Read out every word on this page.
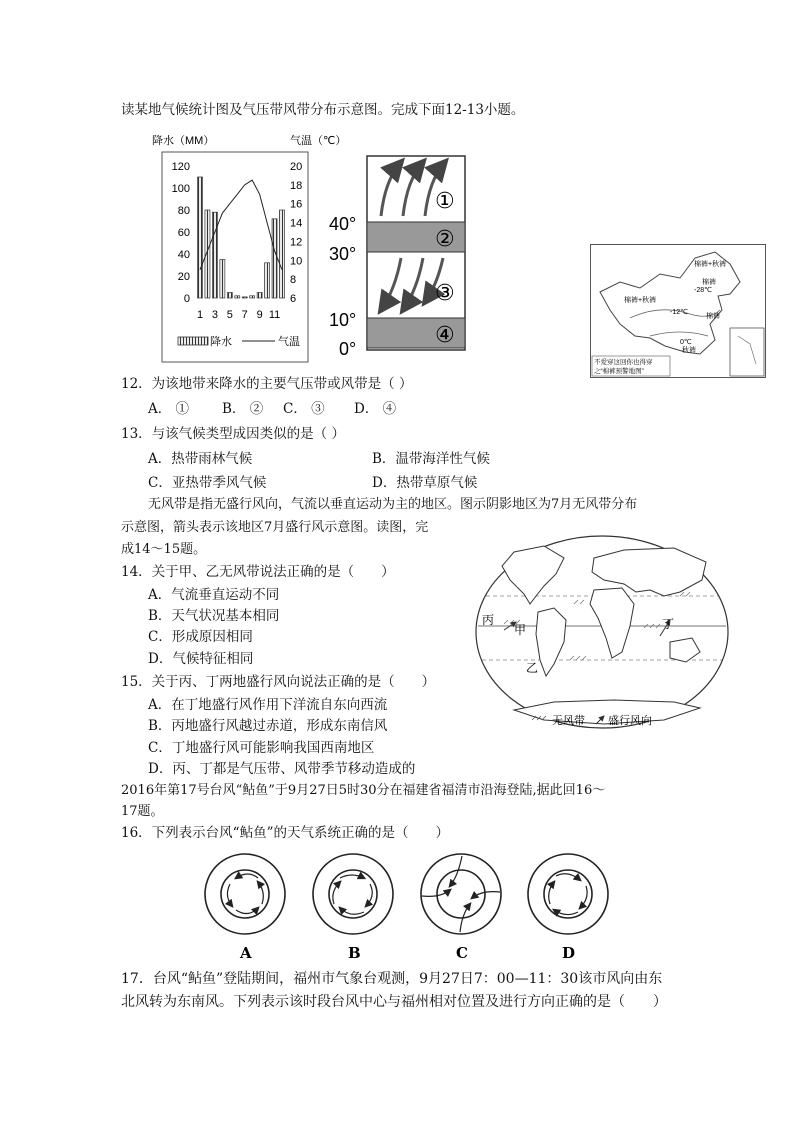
读某地气候统计图及气压带风带分布示意图。完成下面12-13小题。
降水（MM）	气温（℃）
120
100
80
60
40
20
0
20
18
16
14
12
10
8
6
1 3 5 7 9 11
降水	气温
40°
30°
10°
0°
①
②
③
④
棉裤+秋裤
棉裤
-28℃
棉裤+秋裤
-12℃
棉裤
0℃
秋裤
不爱穿这回你也得穿
之“棉裤预警地图”
12．为该地带来降水的主要气压带或风带是（ ）
A． ① B． ② C． ③ D． ④
13．与该气候类型成因类似的是（ ）
A．热带雨林气候	B．温带海洋性气候
C．亚热带季风气候	D．热带草原气候
无风带是指无盛行风向，气流以垂直运动为主的地区。图示阴影地区为7月无风带分布
示意图，箭头表示该地区7月盛行风示意图。读图，完
成14～15题。
丙
甲	丁
乙
无风带 盛行风向
14．关于甲、乙无风带说法正确的是（　　）
A．气流垂直运动不同
B．天气状况基本相同
C．形成原因相同
D．气候特征相同
15．关于丙、丁两地盛行风向说法正确的是（　　）
A．在丁地盛行风作用下洋流自东向西流
B．丙地盛行风越过赤道，形成东南信风
C．丁地盛行风可能影响我国西南地区
D．丙、丁都是气压带、风带季节移动造成的
2016年第17号台风“鲇鱼”于9月27日5时30分在福建省福清市沿海登陆,据此回16～
17题。
16．下列表示台风“鲇鱼”的天气系统正确的是（　　）
A	B	C	D
17．台风“鲇鱼”登陆期间，福州市气象台观测，9月27日7：00—11：30该市风向由东
北风转为东南风。下列表示该时段台风中心与福州相对位置及进行方向正确的是（　　）
